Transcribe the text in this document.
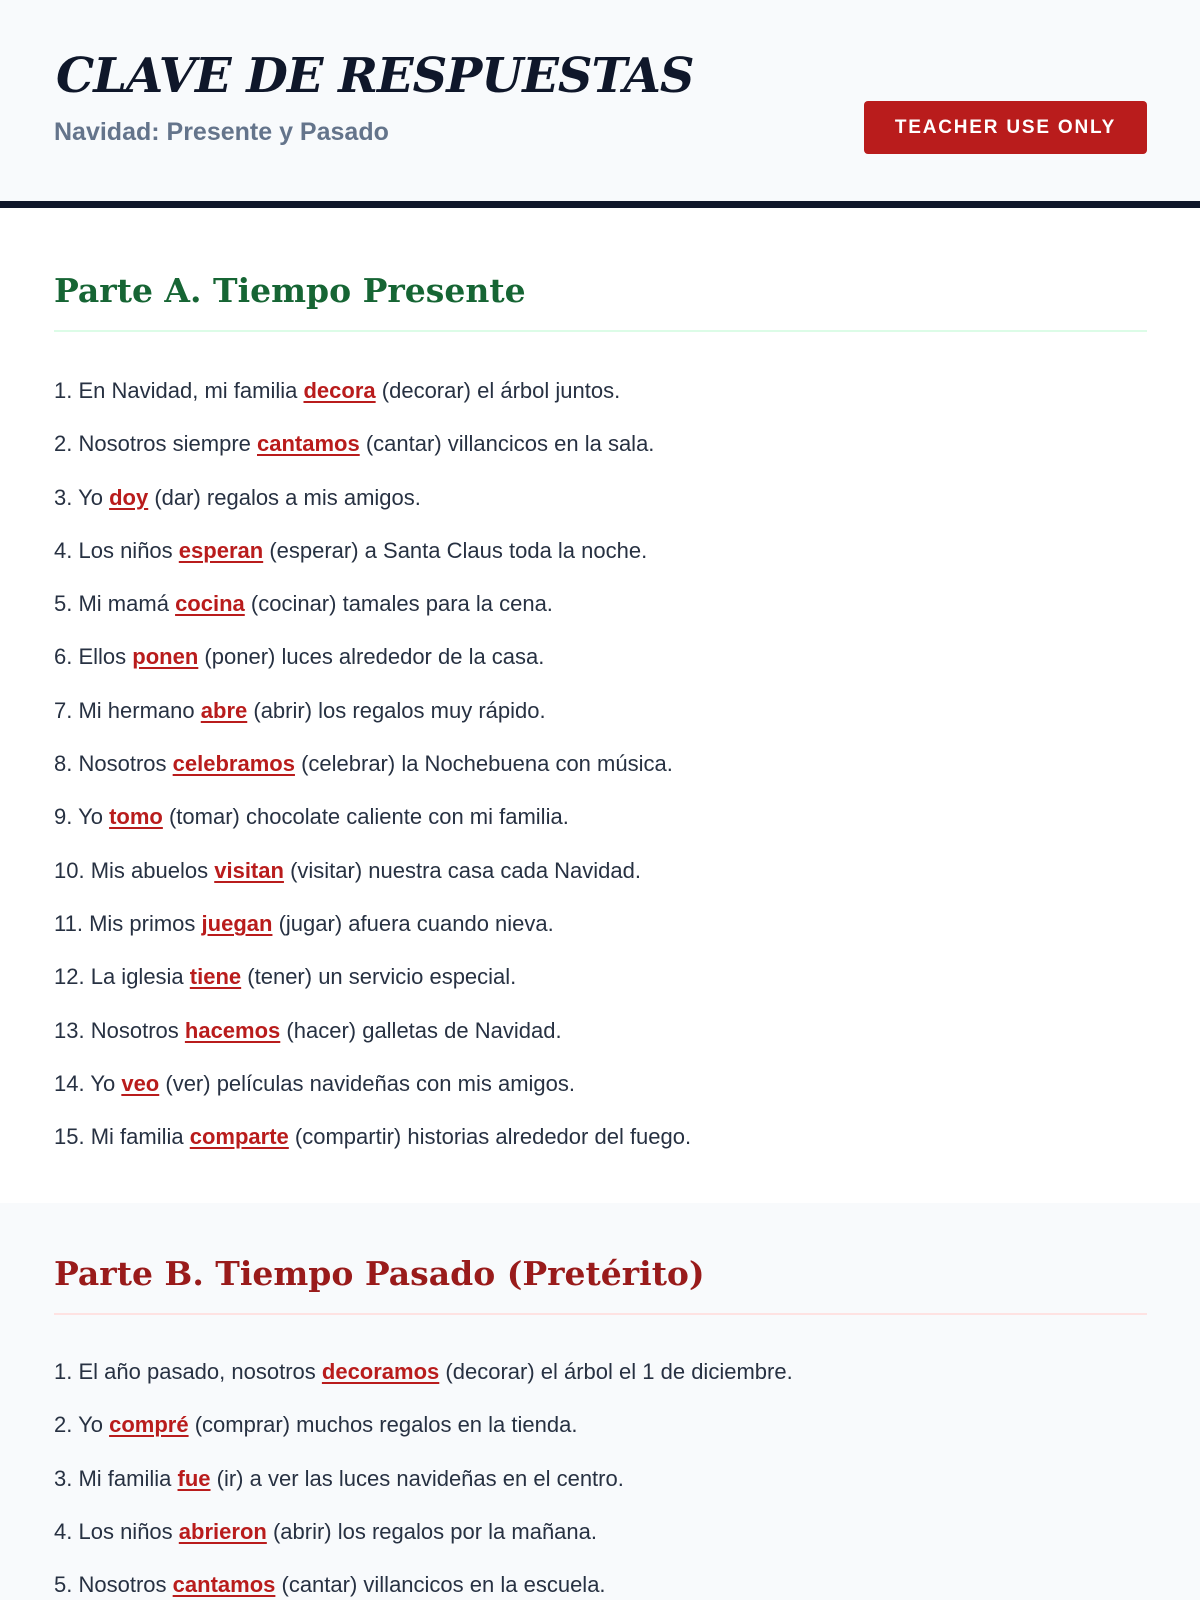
CLAVE DE RESPUESTAS
Navidad: Presente y Pasado	TEACHER USE ONLY
Parte A. Tiempo Presente
1. En Navidad, mi familia decora (decorar) el árbol juntos.
2. Nosotros siempre cantamos (cantar) villancicos en la sala.
3. Yo doy (dar) regalos a mis amigos.
4. Los niños esperan (esperar) a Santa Claus toda la noche.
5. Mi mamá cocina (cocinar) tamales para la cena.
6. Ellos ponen (poner) luces alrededor de la casa.
7. Mi hermano abre (abrir) los regalos muy rápido.
8. Nosotros celebramos (celebrar) la Nochebuena con música.
9. Yo tomo (tomar) chocolate caliente con mi familia.
10. Mis abuelos visitan (visitar) nuestra casa cada Navidad.
11. Mis primos juegan (jugar) afuera cuando nieva.
12. La iglesia tiene (tener) un servicio especial.
13. Nosotros hacemos (hacer) galletas de Navidad.
14. Yo veo (ver) películas navideñas con mis amigos.
15. Mi familia comparte (compartir) historias alrededor del fuego.
Parte B. Tiempo Pasado (Pretérito)
1. El año pasado, nosotros decoramos (decorar) el árbol el 1 de diciembre.
2. Yo compré (comprar) muchos regalos en la tienda.
3. Mi familia fue (ir) a ver las luces navideñas en el centro.
4. Los niños abrieron (abrir) los regalos por la mañana.
5. Nosotros cantamos (cantar) villancicos en la escuela.
